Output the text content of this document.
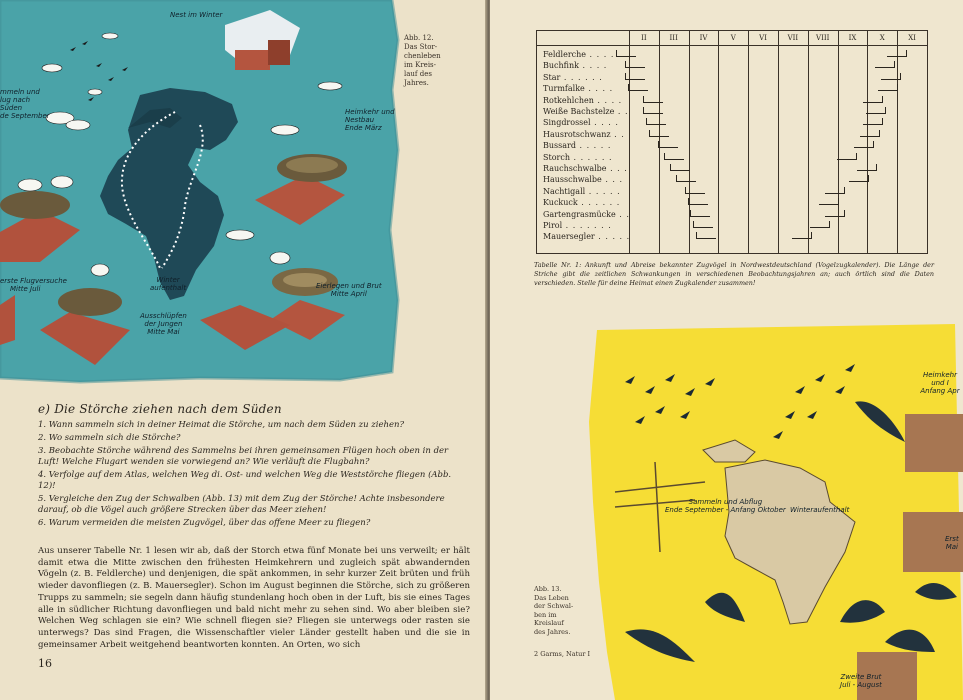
Nest im Winter
mmeln und
lug nach
Süden
de September	Heimkehr und
Nestbau
Ende März
erste Flugversuche
Mitte Juli
Winter
aufenthalt
Ausschlüpfen
der Jungen
Mitte Mai
Eierlegen und Brut
Mitte April
Abb. 12.
Das Stor-
chenleben
im Kreis-
lauf des
Jahres.
e) Die Störche ziehen nach dem Süden
1. Wann sammeln sich in deiner Heimat die Störche, um nach dem Süden zu ziehen?
2. Wo sammeln sich die Störche?
3. Beobachte Störche während des Sammelns bei ihren gemeinsamen Flügen hoch oben in der Luft! Welche Flugart wenden sie vorwiegend an? Wie verläuft die Flugbahn?
4. Verfolge auf dem Atlas, welchen Weg di. Ost- und welchen Weg die Weststörche fliegen (Abb. 12)!
5. Vergleiche den Zug der Schwalben (Abb. 13) mit dem Zug der Störche! Achte insbesondere darauf, ob die Vögel auch größere Strecken über das Meer ziehen!
6. Warum vermeiden die meisten Zugvögel, über das offene Meer zu fliegen?

Aus unserer Tabelle Nr. 1 lesen wir ab, daß der Storch etwa fünf Monate bei uns verweilt; er hält damit etwa die Mitte zwischen den frühesten Heimkehrern und zugleich spät abwandernden Vögeln (z. B. Feldlerche) und denjenigen, die spät ankommen, in sehr kurzer Zeit brüten und früh wieder davonfliegen (z. B. Mauersegler). Schon im August beginnen die Störche, sich zu größeren Trupps zu sammeln; sie segeln dann häufig stundenlang hoch oben in der Luft, bis sie eines Tages alle in südlicher Richtung davonfliegen und bald nicht mehr zu sehen sind. Wo aber bleiben sie? Welchen Weg schlagen sie ein? Wie schnell fliegen sie? Fliegen sie unterwegs oder rasten sie unterwegs? Das sind Fragen, die Wissenschaftler vieler Länder gestellt haben und die sie in gemeinsamer Arbeit weitgehend beantworten konnten. An Orten, wo sich

16
II	III	IV	V	VI	VII	VIII	IX	X	XI
Feldlerche . . . .
Buchfink . . . .
Star . . . . . .
Turmfalke . . . .
Rotkehlchen . . . .
Weiße Bachstelze . .
Singdrossel . . . .
Hausrotschwanz . .
Bussard . . . . .
Storch . . . . . .
Rauchschwalbe . . .
Hausschwalbe . . .
Nachtigall . . . . .
Kuckuck . . . . . .
Gartengrasmücke . .
Pirol . . . . . . .
Mauersegler . . . . .
Tabelle Nr. 1: Ankunft und Abreise bekannter Zugvögel in Nordwestdeutschland (Vogelzugkalender). Die Länge der Striche gibt die zeitlichen Schwankungen in verschiedenen Beobachtungsjahren an; auch örtlich sind die Daten verschieden. Stelle für deine Heimat einen Zugkalender zusammen!
Heimkehr und I
Anfang Apr
Sammeln und Abflug
Ende September - Anfang Oktober Winteraufenthalt
Erst
Mai
Zweite Brut
Juli - August
Abb. 13.
Das Leben
der Schwal-
ben im
Kreislauf
des Jahres.
2 Garms, Natur I
